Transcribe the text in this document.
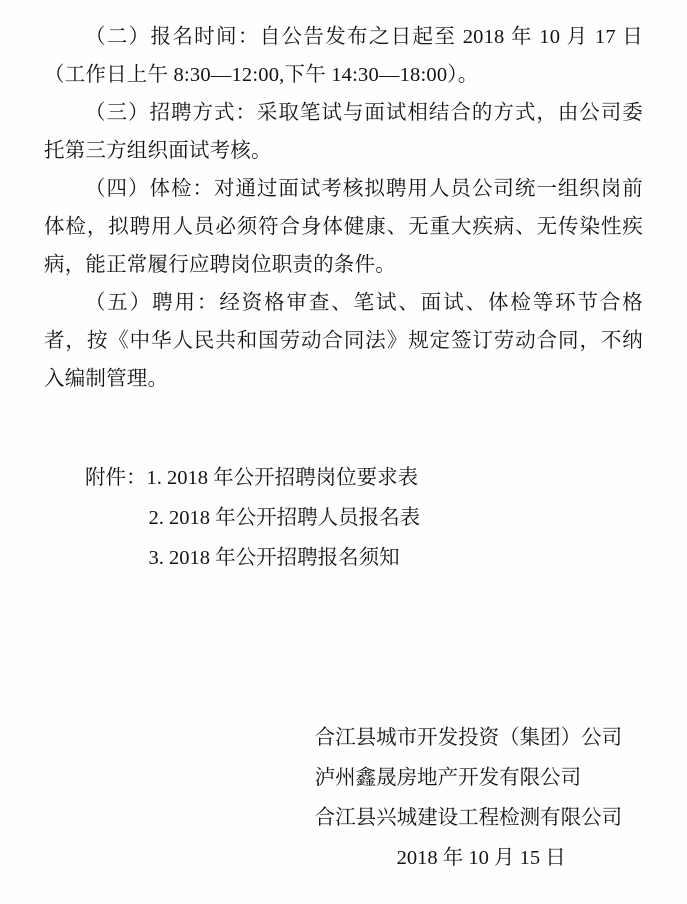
（二）报名时间：自公告发布之日起至 2018 年 10 月 17 日（工作日上午 8:30—12:00,下午 14:30—18:00）。

（三）招聘方式：采取笔试与面试相结合的方式，由公司委托第三方组织面试考核。

（四）体检：对通过面试考核拟聘用人员公司统一组织岗前体检，拟聘用人员必须符合身体健康、无重大疾病、无传染性疾病，能正常履行应聘岗位职责的条件。

（五）聘用：经资格审查、笔试、面试、体检等环节合格者，按《中华人民共和国劳动合同法》规定签订劳动合同，不纳入编制管理。

附件：1. 2018 年公开招聘岗位要求表
2. 2018 年公开招聘人员报名表
3. 2018 年公开招聘报名须知
合江县城市开发投资（集团）公司
泸州鑫晟房地产开发有限公司
合江县兴城建设工程检测有限公司
2018 年 10 月 15 日
